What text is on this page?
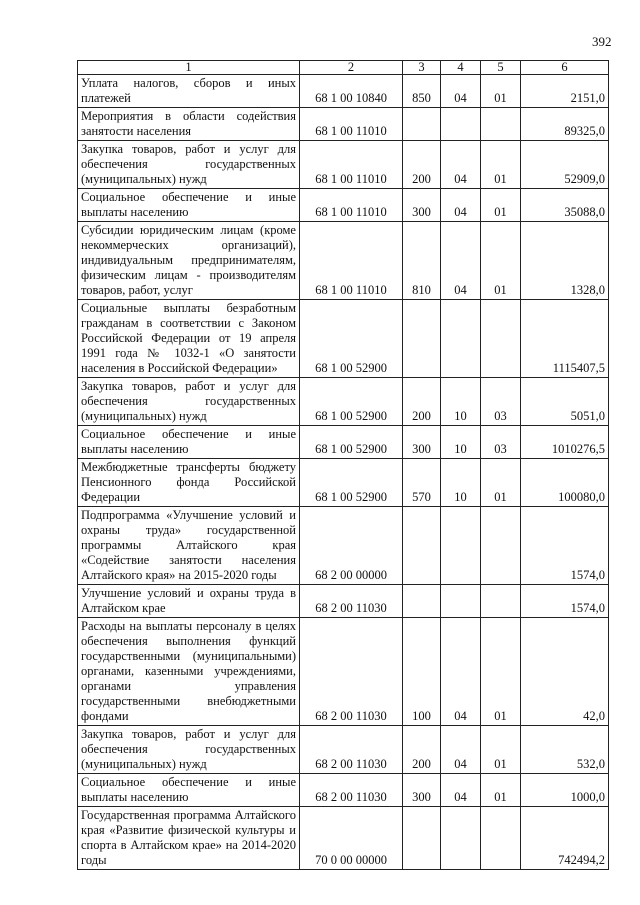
392
1	2	3	4	5	6
Уплата налогов, сборов и иных платежей	68 1 00 10840	850	04	01	2151,0
Мероприятия в области содействия занятости населения	68 1 00 11010				89325,0
Закупка товаров, работ и услуг для обеспечения государственных (муниципальных) нужд	68 1 00 11010	200	04	01	52909,0
Социальное обеспечение и иные выплаты населению	68 1 00 11010	300	04	01	35088,0
Субсидии юридическим лицам (кроме некоммерческих организаций), индивидуальным предпринимателям, физическим лицам - производителям товаров, работ, услуг	68 1 00 11010	810	04	01	1328,0
Социальные выплаты безработным гражданам в соответствии с Законом Российской Федерации от 19 апреля 1991 года № 1032-1 «О занятости населения в Российской Федерации»	68 1 00 52900				1115407,5
Закупка товаров, работ и услуг для обеспечения государственных (муниципальных) нужд	68 1 00 52900	200	10	03	5051,0
Социальное обеспечение и иные выплаты населению	68 1 00 52900	300	10	03	1010276,5
Межбюджетные трансферты бюджету Пенсионного фонда Российской Федерации	68 1 00 52900	570	10	01	100080,0
Подпрограмма «Улучшение условий и охраны труда» государственной программы Алтайского края «Содействие занятости населения Алтайского края» на 2015-2020 годы	68 2 00 00000				1574,0
Улучшение условий и охраны труда в Алтайском крае	68 2 00 11030				1574,0
Расходы на выплаты персоналу в целях обеспечения выполнения функций государственными (муниципальными) органами, казенными учреждениями, органами управления государственными внебюджетными фондами	68 2 00 11030	100	04	01	42,0
Закупка товаров, работ и услуг для обеспечения государственных (муниципальных) нужд	68 2 00 11030	200	04	01	532,0
Социальное обеспечение и иные выплаты населению	68 2 00 11030	300	04	01	1000,0
Государственная программа Алтайского края «Развитие физической культуры и спорта в Алтайском крае» на 2014-2020 годы	70 0 00 00000				742494,2
